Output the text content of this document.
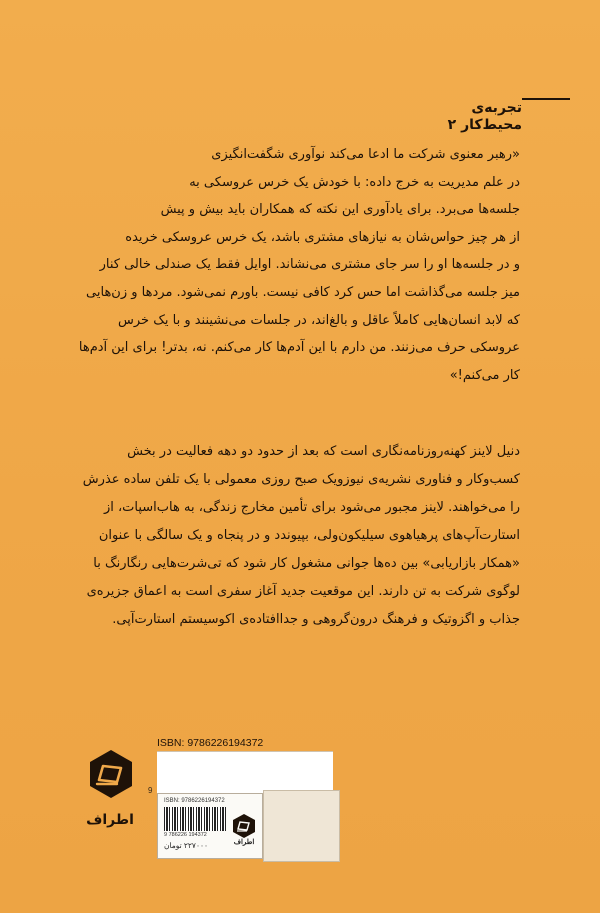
تجربه‌ی
محیط‌کار ۲

«رهبر معنوی شرکت ما ادعا می‌کند نوآوری شگفت‌انگیزی

در علم مدیریت به خرج داده: با خودش یک خرس عروسکی به

جلسه‌ها می‌برد. برای یادآوری این نکته که همکاران باید بیش و پیش

از هر چیز حواس‌شان به نیازهای مشتری باشد، یک خرس عروسکی خریده

و در جلسه‌ها او را سر جای مشتری می‌نشاند. اوایل فقط یک صندلی خالی کنار

میز جلسه می‌گذاشت اما حس کرد کافی نیست. باورم نمی‌شود. مردها و زن‌هایی

که لابد انسان‌هایی کاملاً عاقل و بالغ‌اند، در جلسات می‌نشینند و با یک خرس

عروسکی حرف می‌زنند. من دارم با این آدم‌ها کار می‌کنم. نه، بدتر! برای این آدم‌ها

کار می‌کنم!»

دنیل لاینز کهنه‌روزنامه‌نگاری است که بعد از حدود دو دهه فعالیت در بخش

کسب‌وکار و فناوری نشریه‌ی نیوزویک صبح روزی معمولی با یک تلفن ساده عذرش

را می‌خواهند. لاینز مجبور می‌شود برای تأمین مخارج زندگی، به هاب‌اسپات، از

استارت‌آپ‌های پرهیاهوی سیلیکون‌ولی، بپیوندد و در پنجاه و یک سالگی با عنوان

«همکار بازاریابی» بین ده‌ها جوانی مشغول کار شود که تی‌شرت‌هایی رنگارنگ با

لوگوی شرکت به تن دارند. این موقعیت جدید آغاز سفری است به اعماق جزیره‌ی

جذاب و اگزوتیک و فرهنگ درون‌گروهی و جداافتاده‌ی اکوسیستم استارت‌آپی.

ISBN: 9786226194372
9
ISBN: 9786226194372
9 786226 194372
۲۲۷۰۰۰ تومان	اطراف
اطراف
